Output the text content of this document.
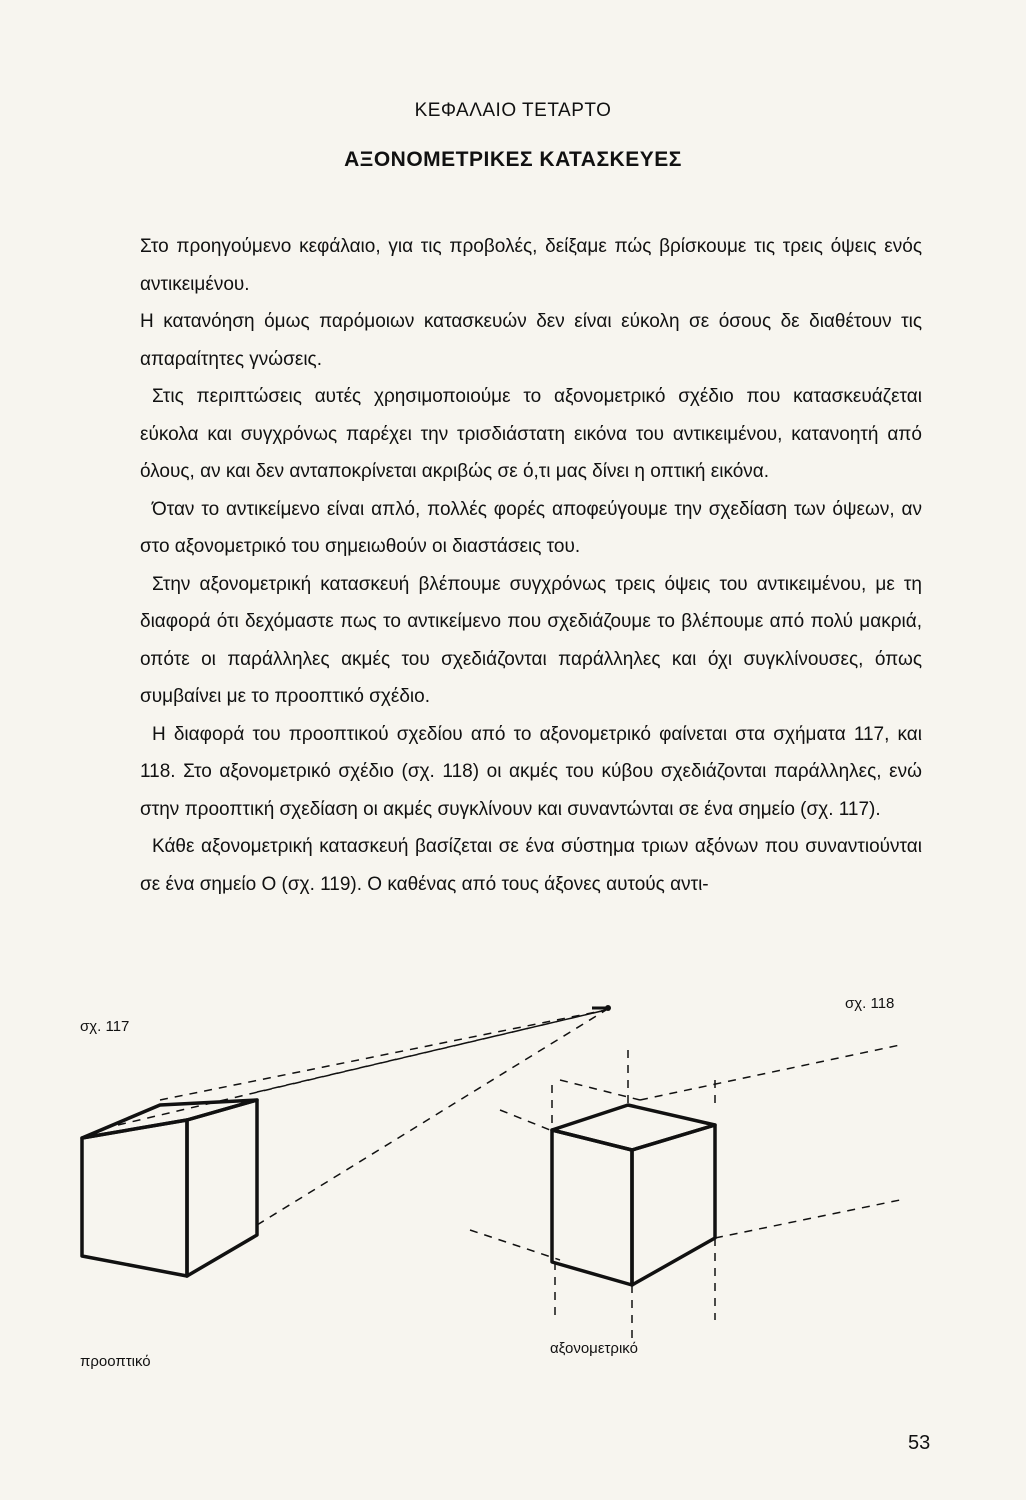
ΚΕΦΑΛΑΙΟ ΤΕΤΑΡΤΟ
ΑΞΟΝΟΜΕΤΡΙΚΕΣ ΚΑΤΑΣΚΕΥΕΣ

Στο προηγούμενο κεφάλαιο, για τις προβολές, δείξαμε πώς βρίσκουμε τις τρεις όψεις ενός αντικειμένου.

Η κατανόηση όμως παρόμοιων κατασκευών δεν είναι εύκολη σε όσους δε διαθέτουν τις απαραίτητες γνώσεις.

Στις περιπτώσεις αυτές χρησιμοποιούμε το αξονομετρικό σχέδιο που κατασκευάζεται εύκολα και συγχρόνως παρέχει την τρισδιάστατη εικόνα του αντικειμένου, κατανοητή από όλους, αν και δεν ανταποκρίνεται ακριβώς σε ό,τι μας δίνει η οπτική εικόνα.

Όταν το αντικείμενο είναι απλό, πολλές φορές αποφεύγουμε την σχεδίαση των όψεων, αν στο αξονομετρικό του σημειωθούν οι διαστάσεις του.

Στην αξονομετρική κατασκευή βλέπουμε συγχρόνως τρεις όψεις του αντικειμένου, με τη διαφορά ότι δεχόμαστε πως το αντικείμενο που σχεδιάζουμε το βλέπουμε από πολύ μακριά, οπότε οι παράλληλες ακμές του σχεδιάζονται παράλληλες και όχι συγκλίνουσες, όπως συμβαίνει με το προοπτικό σχέδιο.

Η διαφορά του προοπτικού σχεδίου από το αξονομετρικό φαίνεται στα σχήματα 117, και 118. Στο αξονομετρικό σχέδιο (σχ. 118) οι ακμές του κύβου σχεδιάζονται παράλληλες, ενώ στην προοπτική σχεδίαση οι ακμές συγκλίνουν και συναντώνται σε ένα σημείο (σχ. 117).

Κάθε αξονομετρική κατασκευή βασίζεται σε ένα σύστημα τριων αξόνων που συναντιούνται σε ένα σημείο Ο (σχ. 119). Ο καθένας από τους άξονες αυτούς αντι-

σχ. 117
σχ. 118
προοπτικό
αξονομετρικό
53
